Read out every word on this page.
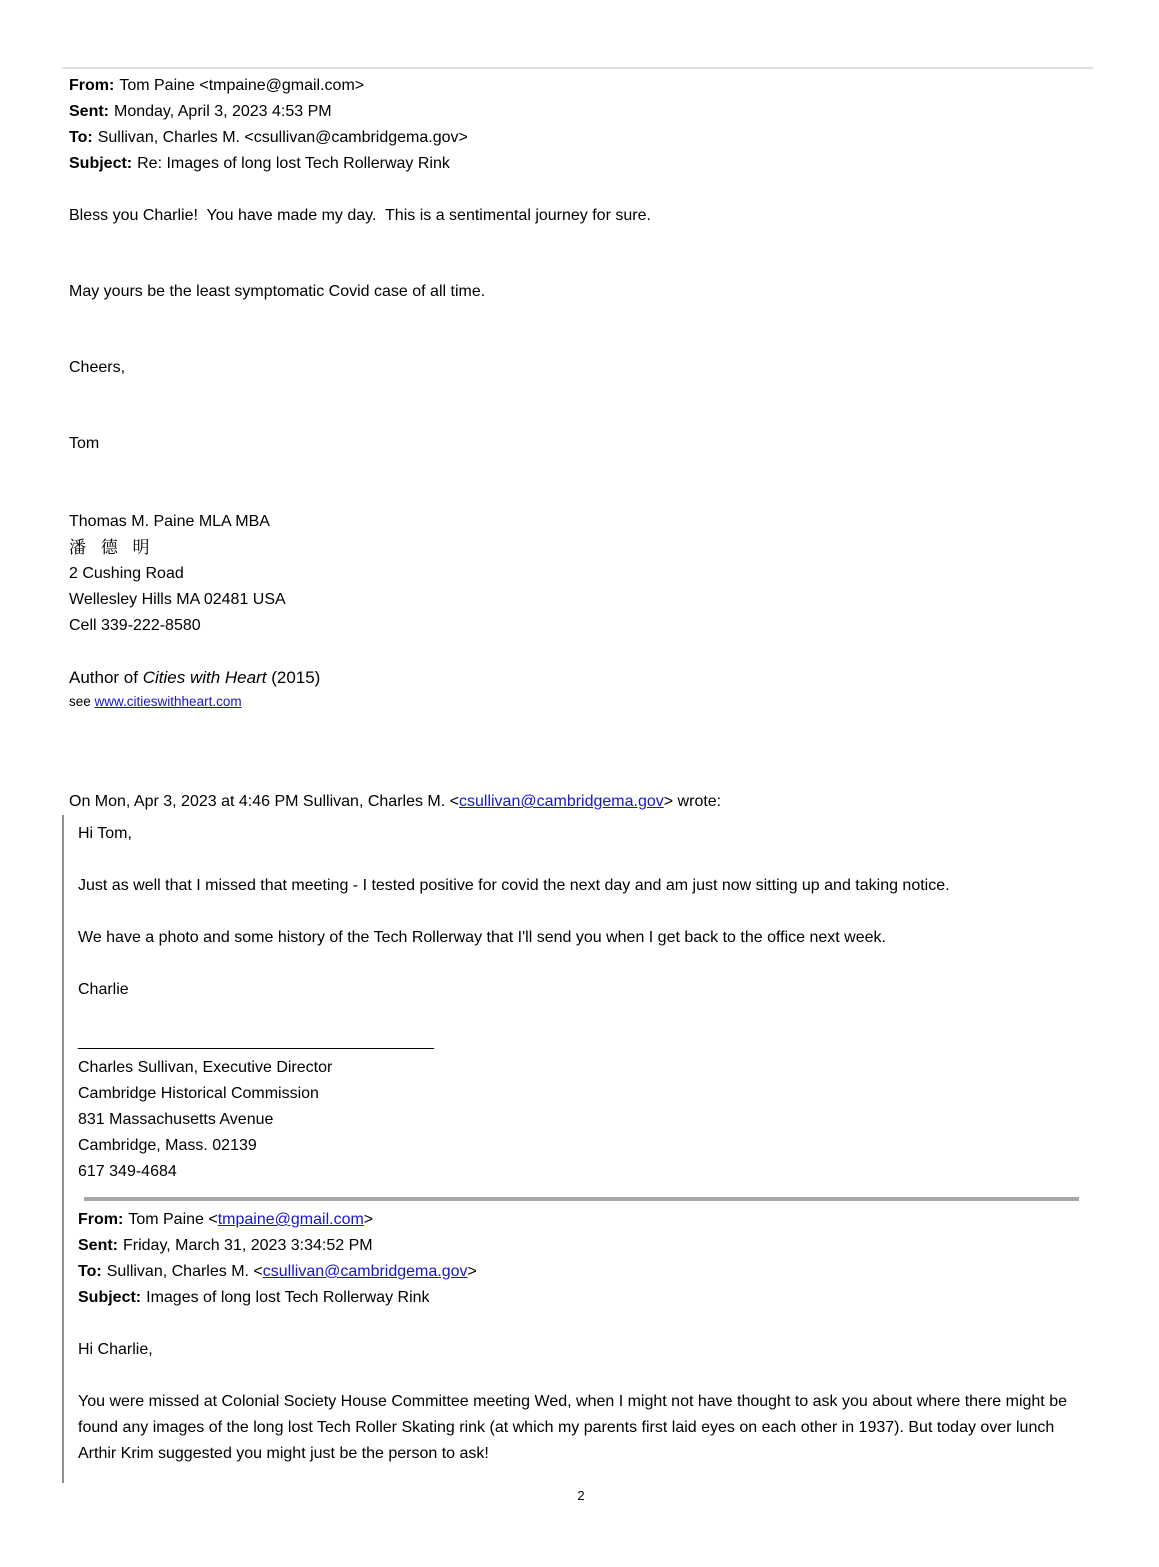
From: Tom Paine <tmpaine@gmail.com>
Sent: Monday, April 3, 2023 4:53 PM
To: Sullivan, Charles M. <csullivan@cambridgema.gov>
Subject: Re: Images of long lost Tech Rollerway Rink
Bless you Charlie!  You have made my day.  This is a sentimental journey for sure.
May yours be the least symptomatic Covid case of all time.
Cheers,
Tom
Thomas M. Paine MLA MBA
潘 德 明
2 Cushing Road
Wellesley Hills MA 02481 USA
Cell 339-222-8580
Author of Cities with Heart (2015)
see www.citieswithheart.com
On Mon, Apr 3, 2023 at 4:46 PM Sullivan, Charles M. <csullivan@cambridgema.gov> wrote:
Hi Tom,
Just as well that I missed that meeting - I tested positive for covid the next day and am just now sitting up and taking notice.
We have a photo and some history of the Tech Rollerway that I'll send you when I get back to the office next week.
Charlie
________________________________________
Charles Sullivan, Executive Director
Cambridge Historical Commission
831 Massachusetts Avenue
Cambridge, Mass. 02139
617 349-4684
From: Tom Paine <tmpaine@gmail.com>
Sent: Friday, March 31, 2023 3:34:52 PM
To: Sullivan, Charles M. <csullivan@cambridgema.gov>
Subject: Images of long lost Tech Rollerway Rink
Hi Charlie,
You were missed at Colonial Society House Committee meeting Wed, when I might not have thought to ask you about where there might be found any images of the long lost Tech Roller Skating rink (at which my parents first laid eyes on each other in 1937). But today over lunch Arthir Krim suggested you might just be the person to ask!
2
